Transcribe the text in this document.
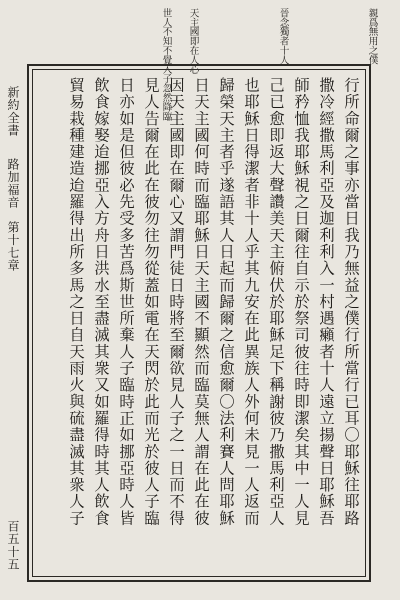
親爲無用之僕
晉念獨者十人
天主國即在人心
世人不知不覺入子忽然降臨
行所命爾之事亦當日我乃無益之僕行所當行已耳〇耶穌往耶路
撒冷經撒馬利亞及迦利利入一村遇癩者十人遠立揚聲日耶穌吾
師矜恤我耶穌視之日爾往自示於祭司彼往時即潔矣其中一人見
己已愈即返大聲讚美天主俯伏於耶穌足下稱謝彼乃撒馬利亞人
也耶穌日得潔者非十人乎其九安在此異族人外何未見一人返而
歸榮天主者乎遂語其人日起而歸爾之信愈爾〇法利賽人問耶穌
日天主國何時而臨耶穌日天主國不顯然而臨莫無人謂在此在彼
因天主國即在爾心又謂門徒日時將至爾欲見人子之一日而不得
見人告爾在此在彼勿往勿從蓋如電在天閃於此而光於彼人子臨
日亦如是但彼必先受多苦爲斯世所棄人子臨時正如挪亞時人皆
飲食嫁娶迨挪亞入方舟日洪水至盡滅其衆又如羅得時其人飲食
貿易栽種建造迨羅得出所多馬之日自天雨火與硫盡滅其衆人子
新約全書
路加福音　第十七章
百五十五
